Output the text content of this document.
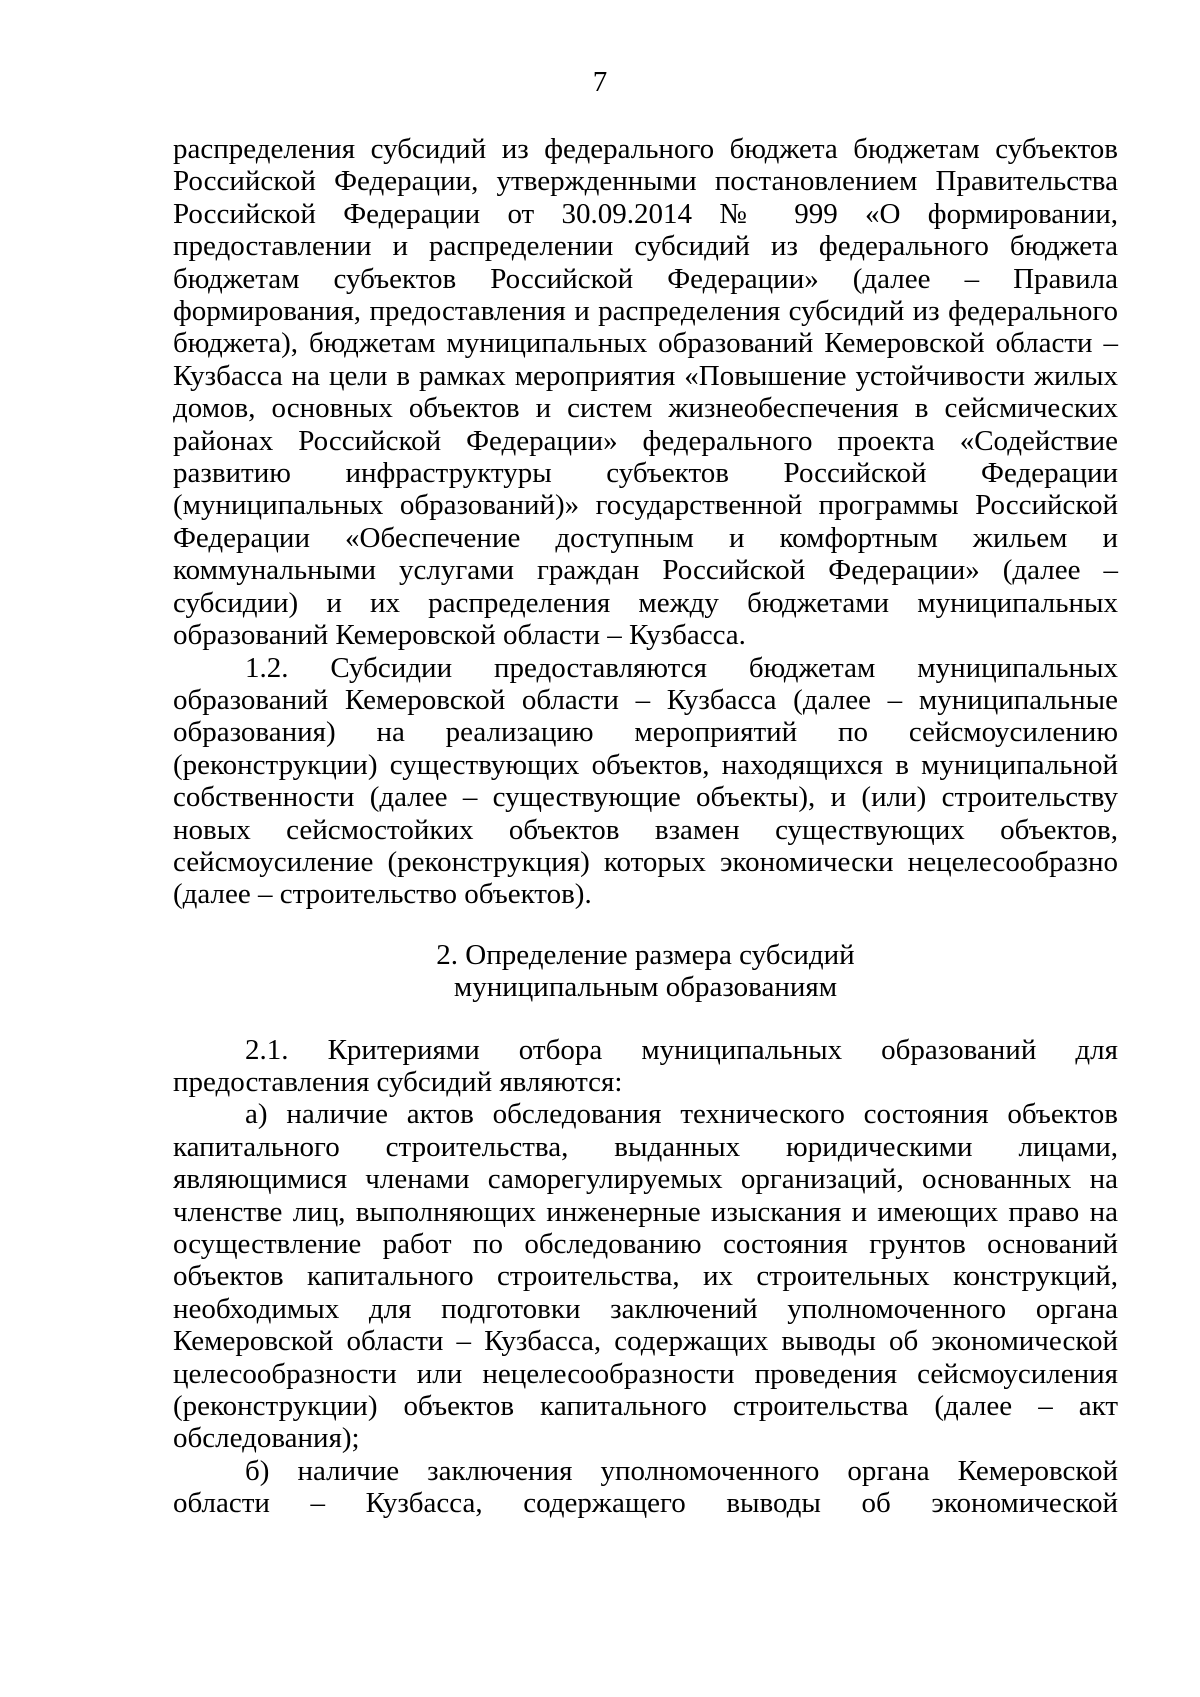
7

распределения субсидий из федерального бюджета бюджетам субъектов Российской Федерации, утвержденными постановлением Правительства Российской Федерации от 30.09.2014 № 999 «О формировании, предоставлении и распределении субсидий из федерального бюджета бюджетам субъектов Российской Федерации» (далее – Правила формирования, предоставления и распределения субсидий из федерального бюджета), бюджетам муниципальных образований Кемеровской области – Кузбасса на цели в рамках мероприятия «Повышение устойчивости жилых домов, основных объектов и систем жизнеобеспечения в сейсмических районах Российской Федерации» федерального проекта «Содействие развитию инфраструктуры субъектов Российской Федерации (муниципальных образований)» государственной программы Российской Федерации «Обеспечение доступным и комфортным жильем и коммунальными услугами граждан Российской Федерации» (далее – субсидии) и их распределения между бюджетами муниципальных образований Кемеровской области – Кузбасса.

1.2. Субсидии предоставляются бюджетам муниципальных образований Кемеровской области – Кузбасса (далее – муниципальные образования) на реализацию мероприятий по сейсмоусилению (реконструкции) существующих объектов, находящихся в муниципальной собственности (далее – существующие объекты), и (или) строительству новых сейсмостойких объектов взамен существующих объектов, сейсмоусиление (реконструкция) которых экономически нецелесообразно (далее – строительство объектов).

2. Определение размера субсидий
муниципальным образованиям

2.1. Критериями отбора муниципальных образований для предоставления субсидий являются:

а) наличие актов обследования технического состояния объектов капитального строительства, выданных юридическими лицами, являющимися членами саморегулируемых организаций, основанных на членстве лиц, выполняющих инженерные изыскания и имеющих право на осуществление работ по обследованию состояния грунтов оснований объектов капитального строительства, их строительных конструкций, необходимых для подготовки заключений уполномоченного органа Кемеровской области – Кузбасса, содержащих выводы об экономической целесообразности или нецелесообразности проведения сейсмоусиления (реконструкции) объектов капитального строительства (далее – акт обследования);

б) наличие заключения уполномоченного органа Кемеровской области – Кузбасса, содержащего выводы об экономической
